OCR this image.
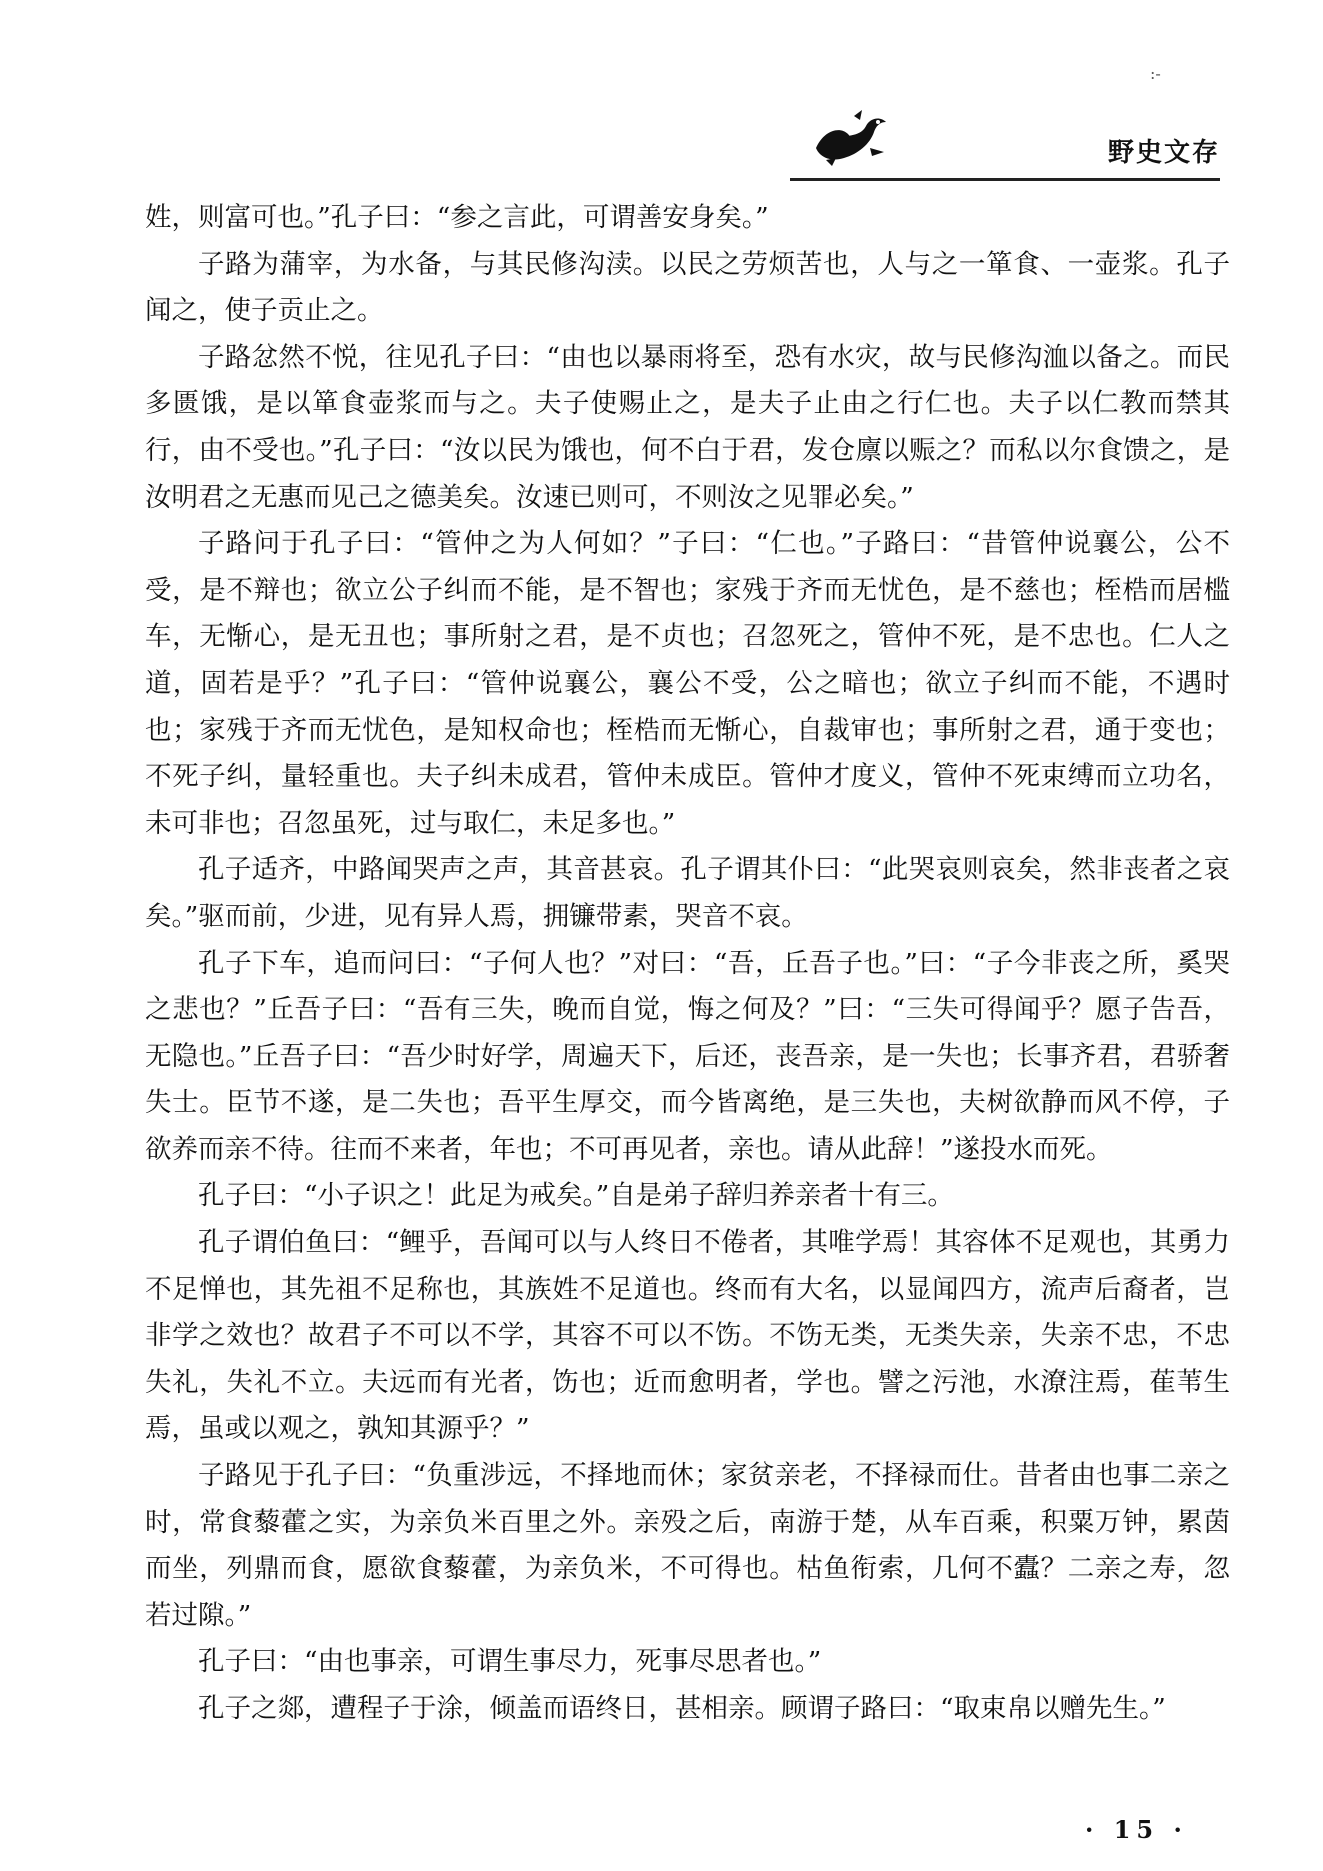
:-
野史文存

姓，则富可也。”孔子曰：“参之言此，可谓善安身矣。”

子路为蒲宰，为水备，与其民修沟渎。以民之劳烦苦也，人与之一箪食、一壶浆。孔子闻之，使子贡止之。

子路忿然不悦，往见孔子曰：“由也以暴雨将至，恐有水灾，故与民修沟洫以备之。而民多匮饿，是以箪食壶浆而与之。夫子使赐止之，是夫子止由之行仁也。夫子以仁教而禁其行，由不受也。”孔子曰：“汝以民为饿也，何不白于君，发仓廪以赈之？而私以尔食馈之，是汝明君之无惠而见己之德美矣。汝速已则可，不则汝之见罪必矣。”

子路问于孔子曰：“管仲之为人何如？”子曰：“仁也。”子路曰：“昔管仲说襄公，公不受，是不辩也；欲立公子纠而不能，是不智也；家残于齐而无忧色，是不慈也；桎梏而居槛车，无惭心，是无丑也；事所射之君，是不贞也；召忽死之，管仲不死，是不忠也。仁人之道，固若是乎？”孔子曰：“管仲说襄公，襄公不受，公之暗也；欲立子纠而不能，不遇时也；家残于齐而无忧色，是知权命也；桎梏而无惭心，自裁审也；事所射之君，通于变也；不死子纠，量轻重也。夫子纠未成君，管仲未成臣。管仲才度义，管仲不死束缚而立功名，未可非也；召忽虽死，过与取仁，未足多也。”

孔子适齐，中路闻哭声之声，其音甚哀。孔子谓其仆曰：“此哭哀则哀矣，然非丧者之哀矣。”驱而前，少进，见有异人焉，拥镰带素，哭音不哀。

孔子下车，追而问曰：“子何人也？”对曰：“吾，丘吾子也。”曰：“子今非丧之所，奚哭之悲也？”丘吾子曰：“吾有三失，晚而自觉，悔之何及？”曰：“三失可得闻乎？愿子告吾，无隐也。”丘吾子曰：“吾少时好学，周遍天下，后还，丧吾亲，是一失也；长事齐君，君骄奢失士。臣节不遂，是二失也；吾平生厚交，而今皆离绝，是三失也，夫树欲静而风不停，子欲养而亲不待。往而不来者，年也；不可再见者，亲也。请从此辞！”遂投水而死。

孔子曰：“小子识之！此足为戒矣。”自是弟子辞归养亲者十有三。

孔子谓伯鱼曰：“鲤乎，吾闻可以与人终日不倦者，其唯学焉！其容体不足观也，其勇力不足惮也，其先祖不足称也，其族姓不足道也。终而有大名，以显闻四方，流声后裔者，岂非学之效也？故君子不可以不学，其容不可以不饬。不饬无类，无类失亲，失亲不忠，不忠失礼，失礼不立。夫远而有光者，饬也；近而愈明者，学也。譬之污池，水潦注焉，萑苇生焉，虽或以观之，孰知其源乎？”

子路见于孔子曰：“负重涉远，不择地而休；家贫亲老，不择禄而仕。昔者由也事二亲之时，常食藜藿之实，为亲负米百里之外。亲殁之后，南游于楚，从车百乘，积粟万钟，累茵而坐，列鼎而食，愿欲食藜藿，为亲负米，不可得也。枯鱼衔索，几何不蠹？二亲之寿，忽若过隙。”

孔子曰：“由也事亲，可谓生事尽力，死事尽思者也。”

孔子之郯，遭程子于涂，倾盖而语终日，甚相亲。顾谓子路曰：“取束帛以赠先生。”

· 15 ·
